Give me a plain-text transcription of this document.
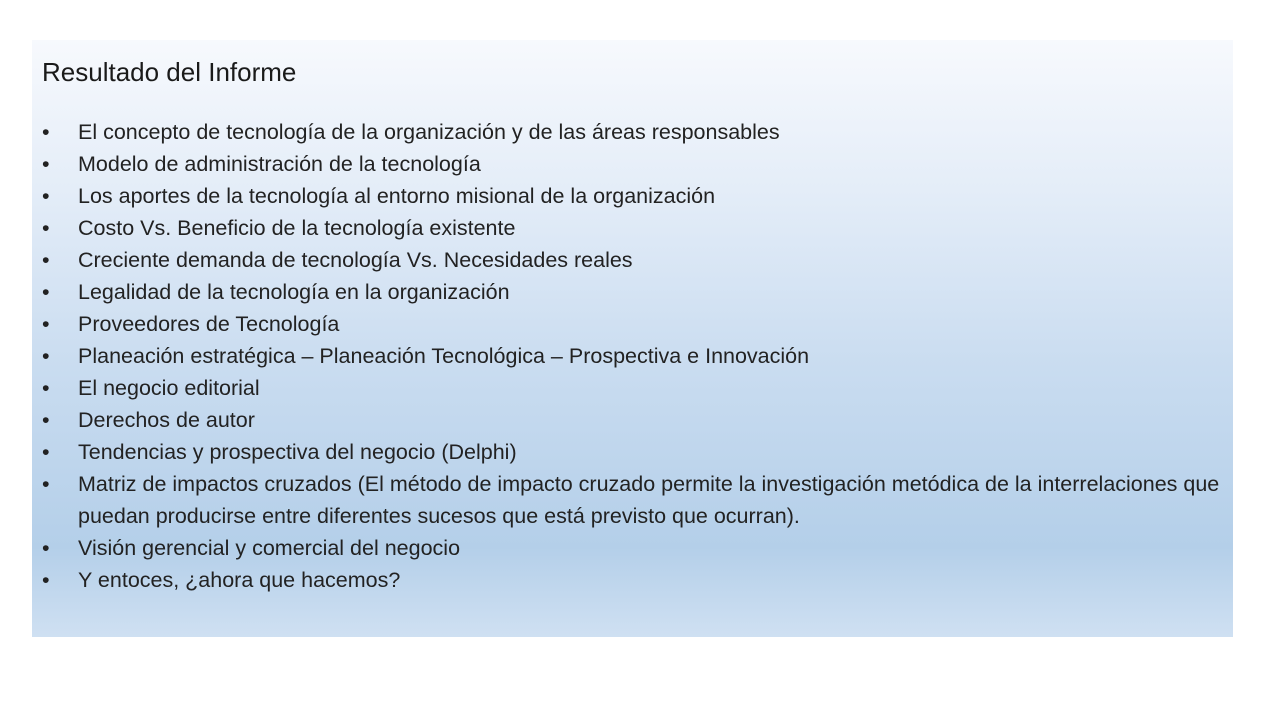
Resultado del Informe
•	El concepto de tecnología de la organización y de las áreas responsables
•	Modelo de administración de la tecnología
•	Los aportes de la tecnología al entorno misional de la organización
•	Costo Vs. Beneficio de la tecnología existente
•	Creciente demanda de tecnología Vs. Necesidades reales
•	Legalidad de la tecnología en la organización
•	Proveedores de Tecnología
•	Planeación estratégica – Planeación Tecnológica – Prospectiva e Innovación
•	El negocio editorial
•	Derechos de autor
•	Tendencias y prospectiva del negocio (Delphi)
•	Matriz de impactos cruzados (El método de impacto cruzado permite la investigación metódica de la interrelaciones que puedan producirse entre diferentes sucesos que está previsto que ocurran).
•	Visión gerencial y comercial del negocio
•	Y entoces, ¿ahora que hacemos?
